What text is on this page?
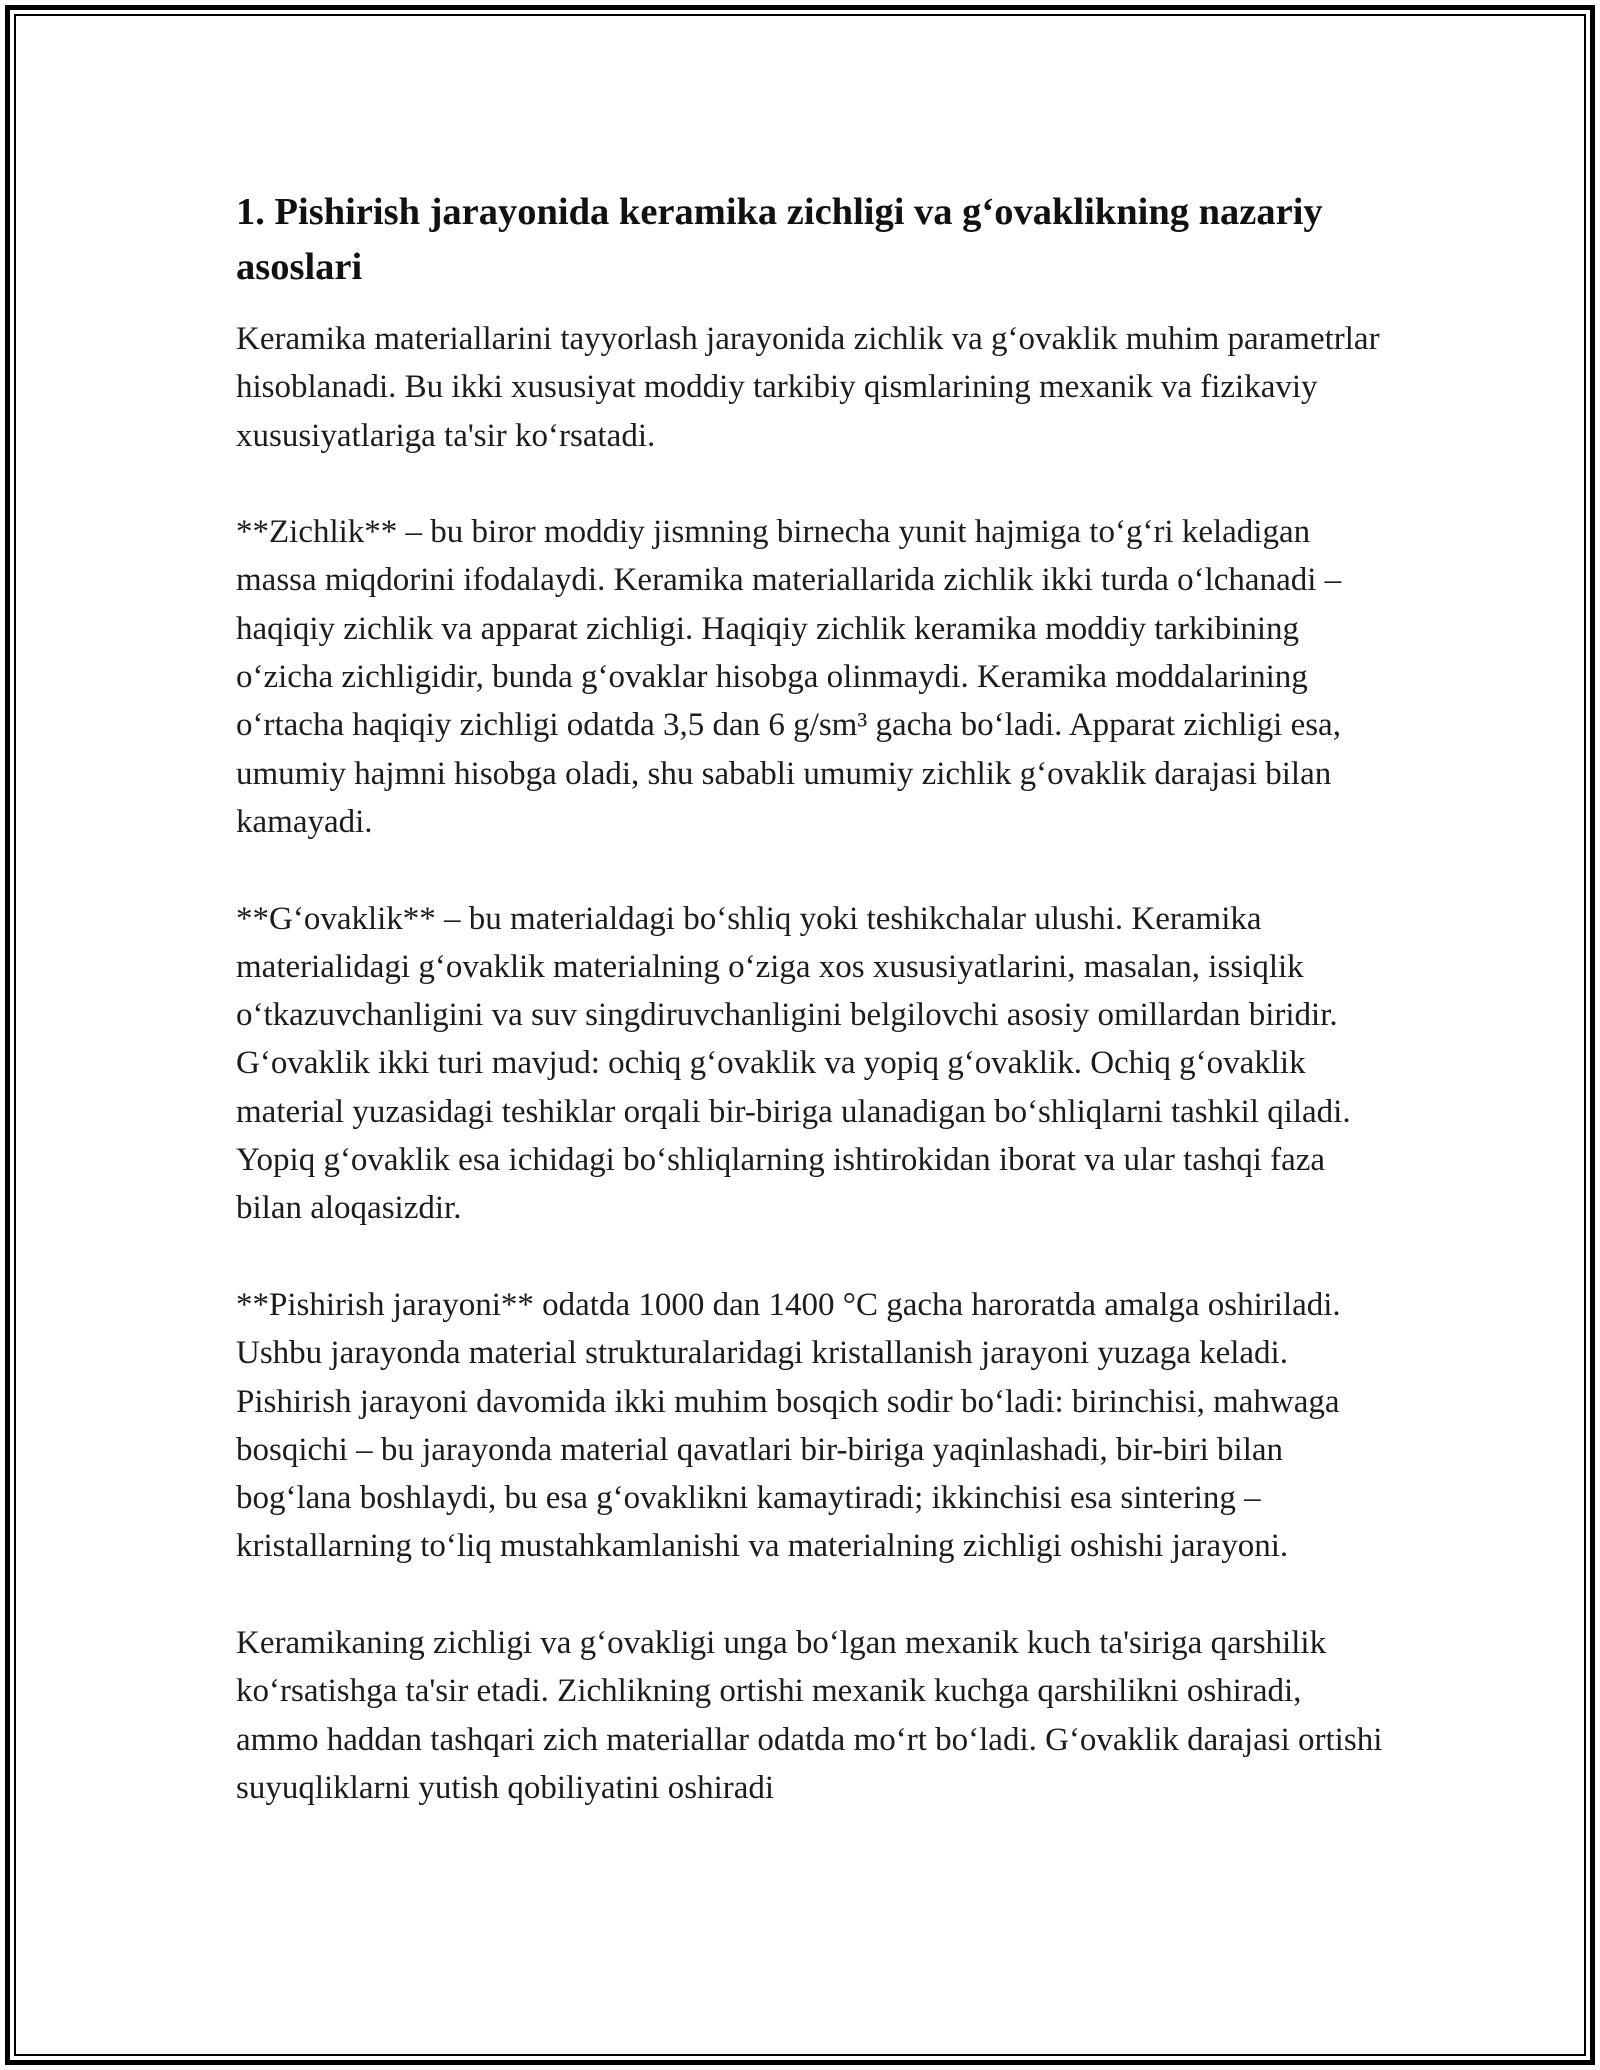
1. Pishirish jarayonida keramika zichligi va g‘ovaklikning nazariy asoslari

Keramika materiallarini tayyorlash jarayonida zichlik va g‘ovaklik muhim parametrlar hisoblanadi. Bu ikki xususiyat moddiy tarkibiy qismlarining mexanik va fizikaviy xususiyatlariga ta'sir ko‘rsatadi.

**Zichlik** – bu biror moddiy jismning birnecha yunit hajmiga to‘g‘ri keladigan massa miqdorini ifodalaydi. Keramika materiallarida zichlik ikki turda o‘lchanadi – haqiqiy zichlik va apparat zichligi. Haqiqiy zichlik keramika moddiy tarkibining o‘zicha zichligidir, bunda g‘ovaklar hisobga olinmaydi. Keramika moddalarining o‘rtacha haqiqiy zichligi odatda 3,5 dan 6 g/sm³ gacha bo‘ladi. Apparat zichligi esa, umumiy hajmni hisobga oladi, shu sababli umumiy zichlik g‘ovaklik darajasi bilan kamayadi.

**G‘ovaklik** – bu materialdagi bo‘shliq yoki teshikchalar ulushi. Keramika materialidagi g‘ovaklik materialning o‘ziga xos xususiyatlarini, masalan, issiqlik o‘tkazuvchanligini va suv singdiruvchanligini belgilovchi asosiy omillardan biridir. G‘ovaklik ikki turi mavjud: ochiq g‘ovaklik va yopiq g‘ovaklik. Ochiq g‘ovaklik material yuzasidagi teshiklar orqali bir-biriga ulanadigan bo‘shliqlarni tashkil qiladi. Yopiq g‘ovaklik esa ichidagi bo‘shliqlarning ishtirokidan iborat va ular tashqi faza bilan aloqasizdir.

**Pishirish jarayoni** odatda 1000 dan 1400 °C gacha haroratda amalga oshiriladi. Ushbu jarayonda material strukturalaridagi kristallanish jarayoni yuzaga keladi. Pishirish jarayoni davomida ikki muhim bosqich sodir bo‘ladi: birinchisi, mahwaga bosqichi – bu jarayonda material qavatlari bir-biriga yaqinlashadi, bir-biri bilan bog‘lana boshlaydi, bu esa g‘ovaklikni kamaytiradi; ikkinchisi esa sintering – kristallarning to‘liq mustahkamlanishi va materialning zichligi oshishi jarayoni.

Keramikaning zichligi va g‘ovakligi unga bo‘lgan mexanik kuch ta'siriga qarshilik ko‘rsatishga ta'sir etadi. Zichlikning ortishi mexanik kuchga qarshilikni oshiradi, ammo haddan tashqari zich materiallar odatda mo‘rt bo‘ladi. G‘ovaklik darajasi ortishi suyuqliklarni yutish qobiliyatini oshiradi
